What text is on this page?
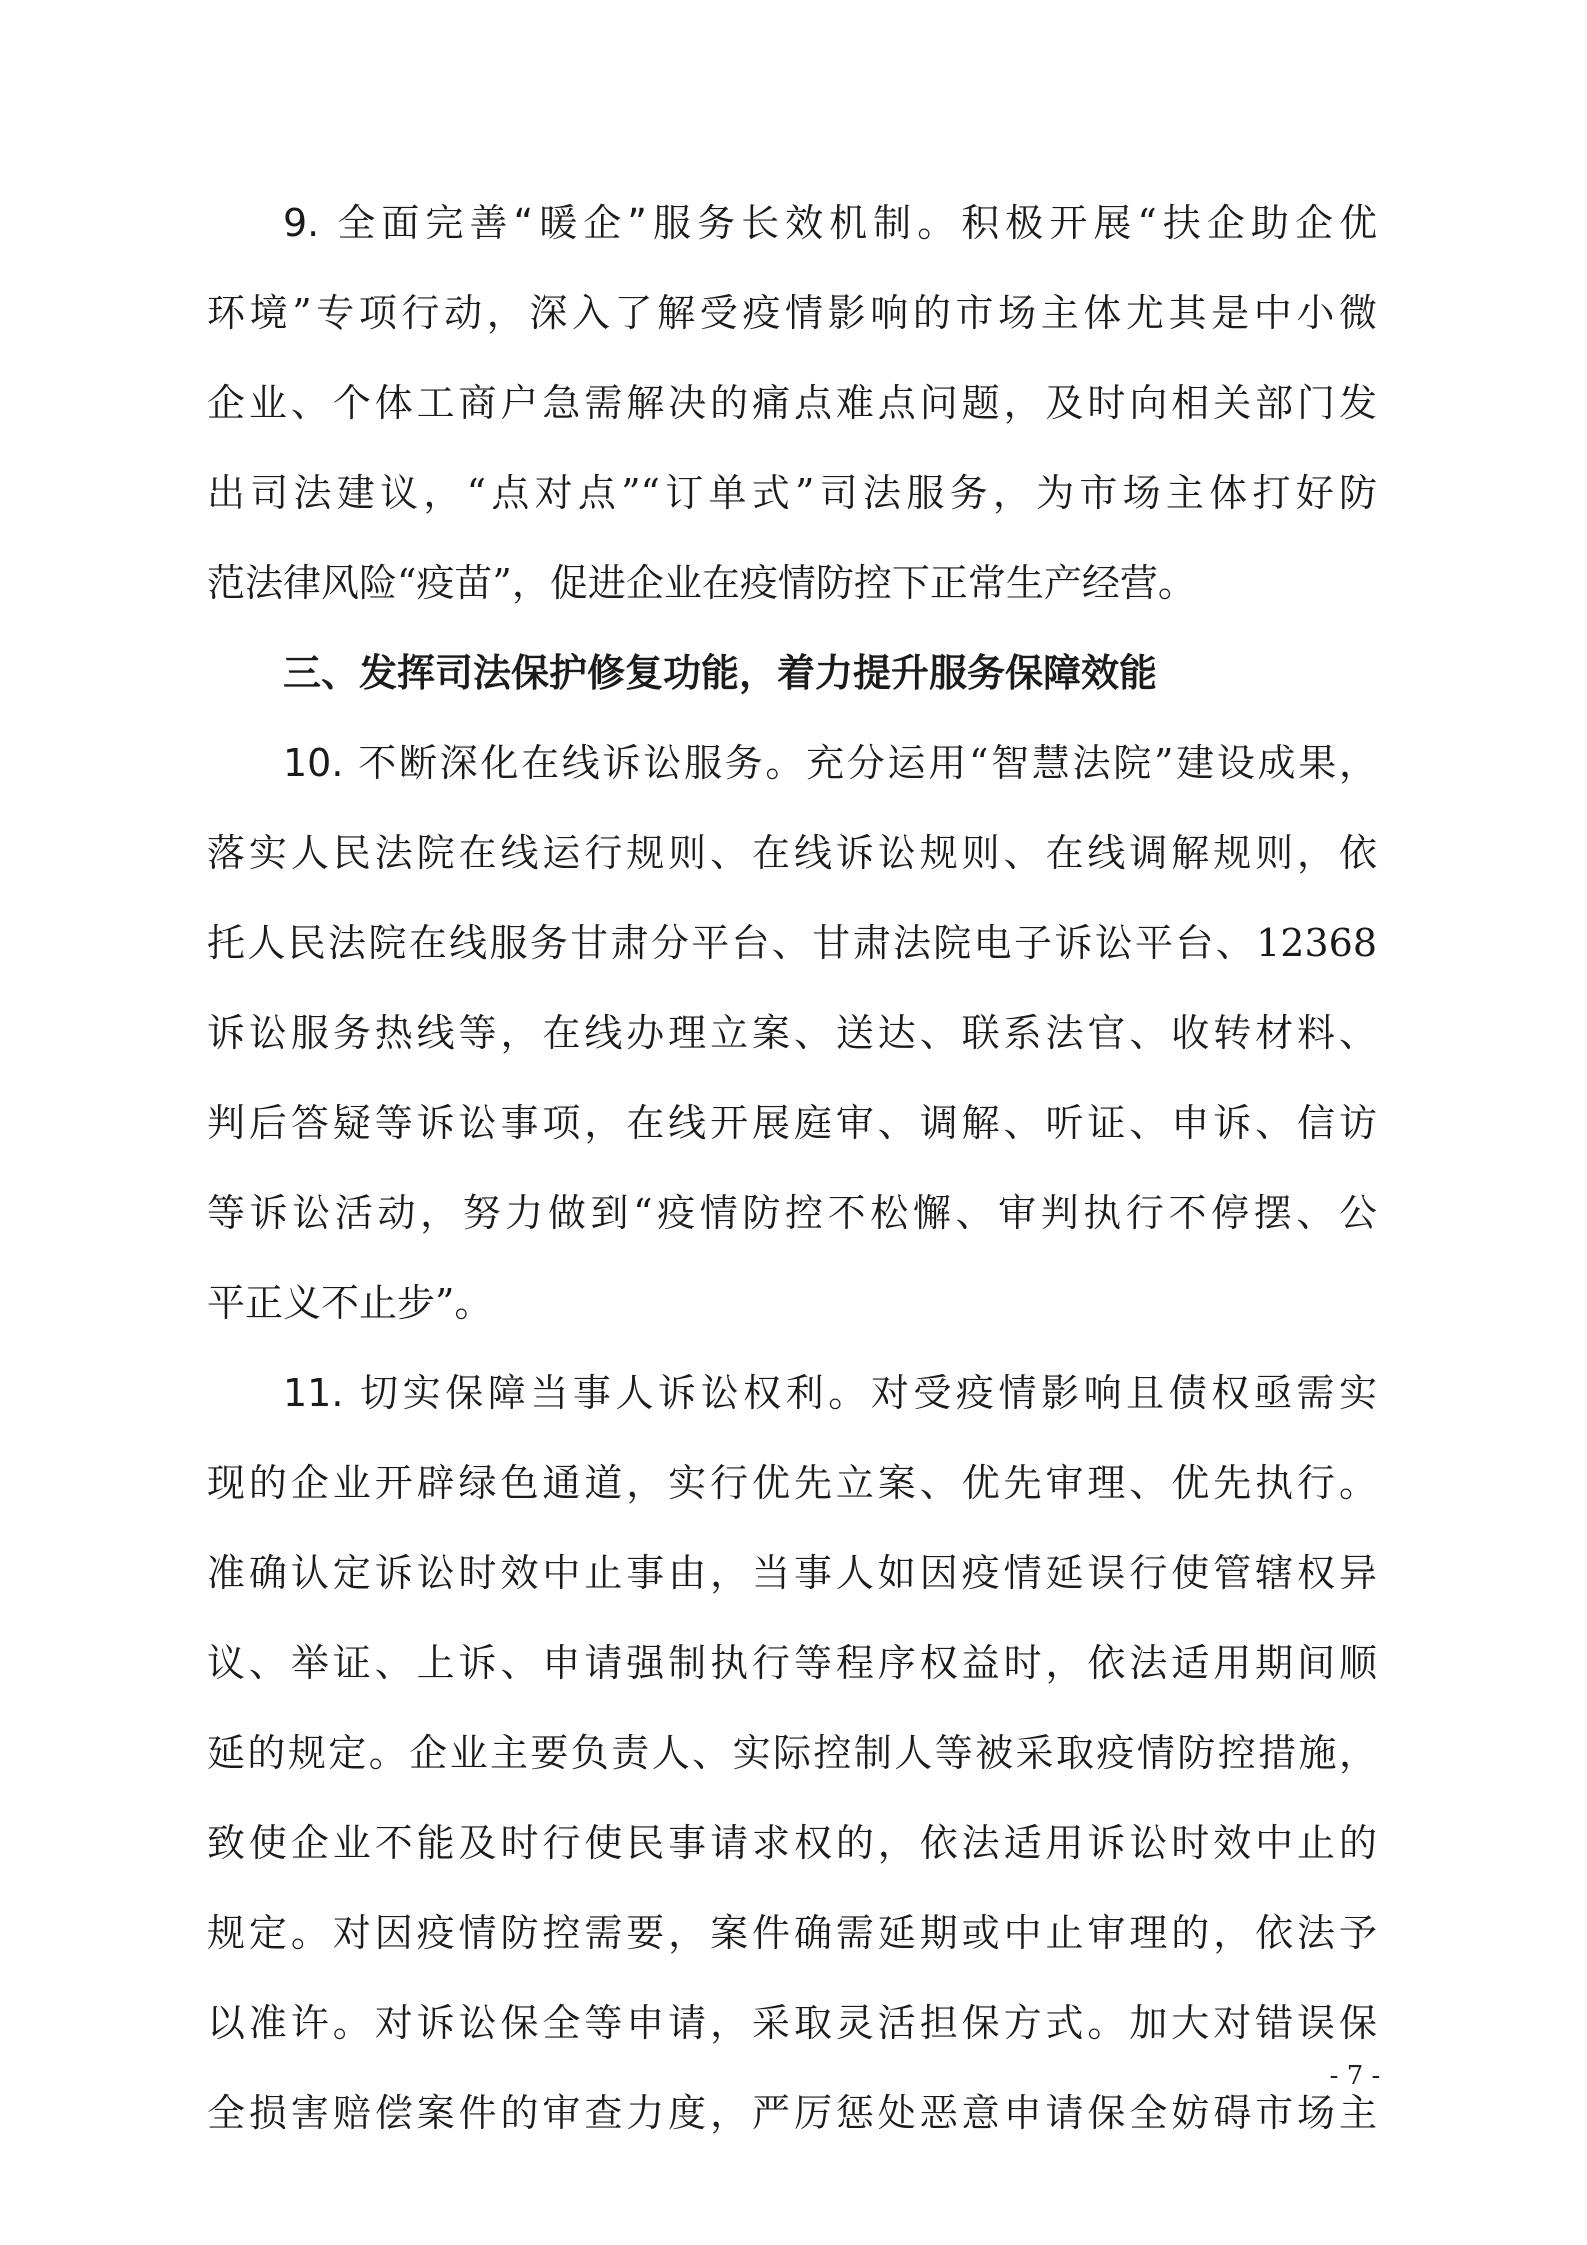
9. 全面完善“暖企”服务长效机制。积极开展“扶企助企优
环境”专项行动，深入了解受疫情影响的市场主体尤其是中小微
企业、个体工商户急需解决的痛点难点问题，及时向相关部门发
出司法建议，“点对点”“订单式”司法服务，为市场主体打好防
范法律风险“疫苗”，促进企业在疫情防控下正常生产经营。
三、发挥司法保护修复功能，着力提升服务保障效能
10. 不断深化在线诉讼服务。充分运用“智慧法院”建设成果，
落实人民法院在线运行规则、在线诉讼规则、在线调解规则，依
托人民法院在线服务甘肃分平台、甘肃法院电子诉讼平台、12368
诉讼服务热线等，在线办理立案、送达、联系法官、收转材料、
判后答疑等诉讼事项，在线开展庭审、调解、听证、申诉、信访
等诉讼活动，努力做到“疫情防控不松懈、审判执行不停摆、公
平正义不止步”。
11. 切实保障当事人诉讼权利。对受疫情影响且债权亟需实
现的企业开辟绿色通道，实行优先立案、优先审理、优先执行。
准确认定诉讼时效中止事由，当事人如因疫情延误行使管辖权异
议、举证、上诉、申请强制执行等程序权益时，依法适用期间顺
延的规定。企业主要负责人、实际控制人等被采取疫情防控措施，
致使企业不能及时行使民事请求权的，依法适用诉讼时效中止的
规定。对因疫情防控需要，案件确需延期或中止审理的，依法予
以准许。对诉讼保全等申请，采取灵活担保方式。加大对错误保
全损害赔偿案件的审查力度，严厉惩处恶意申请保全妨碍市场主
- 7 -
